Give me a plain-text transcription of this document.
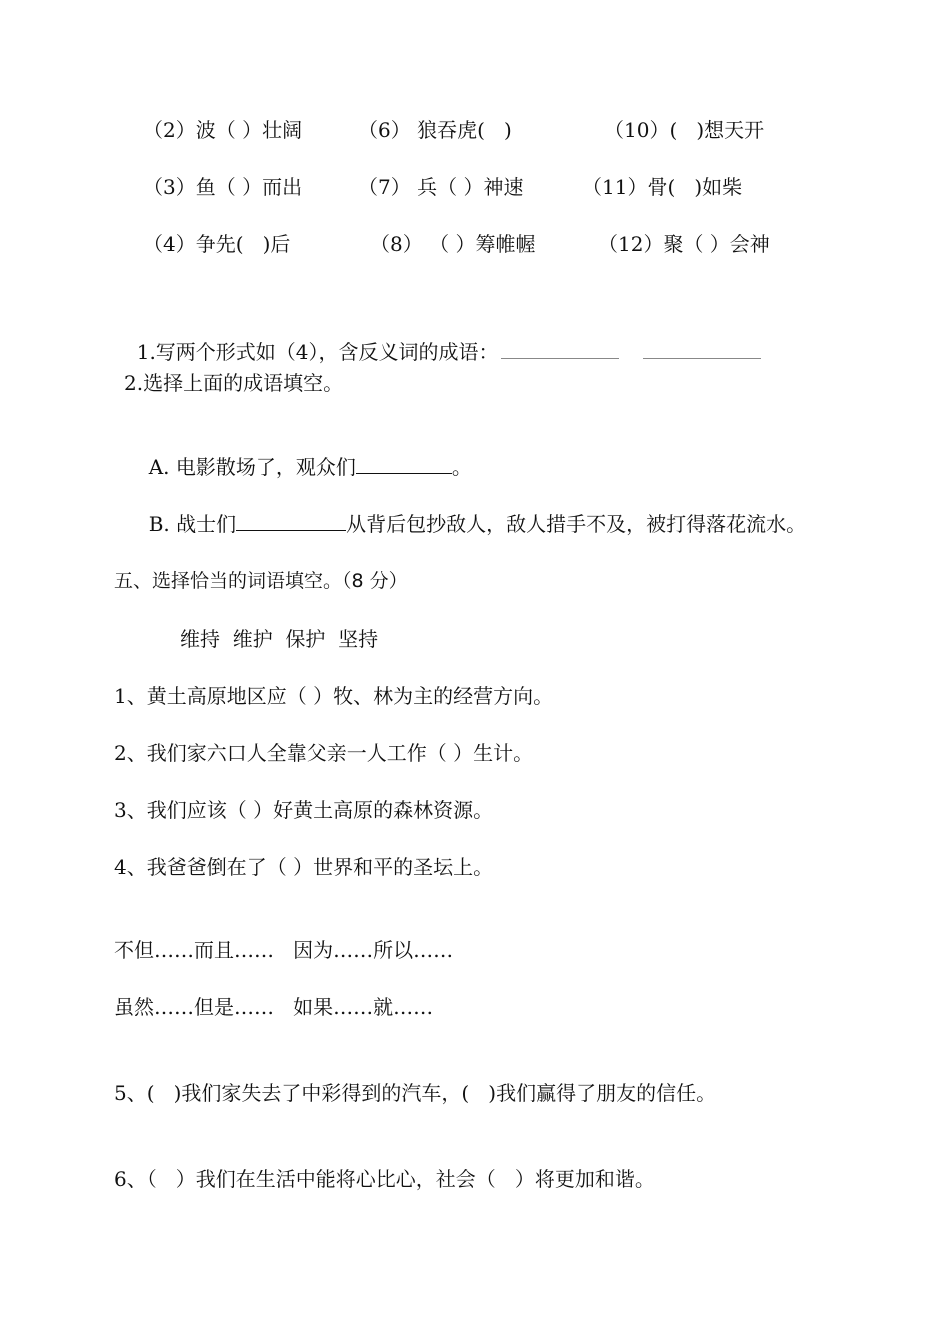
（2）波（ ）壮阔	（6） 狼吞虎(   )	（10）(   )想天开
（3）鱼（ ）而出	（7） 兵（ ）神速	（11）骨(   )如柴
（4）争先(   )后	（8） （ ）筹帷幄	（12）聚（ ）会神

1.写两个形式如（4），含反义词的成语：

2.选择上面的成语填空。

A. 电影散场了，观众们	。

B. 战士们	从背后包抄敌人，敌人措手不及，被打得落花流水。

五、选择恰当的词语填空。（8 分）
维持  维护  保护  坚持
1、黄土高原地区应（ ）牧、林为主的经营方向。
2、我们家六口人全靠父亲一人工作（ ）生计。
3、我们应该（ ）好黄土高原的森林资源。
4、我爸爸倒在了（ ）世界和平的圣坛上。
不但……而且……   因为……所以……
虽然……但是……   如果……就……
5、(   )我们家失去了中彩得到的汽车，(   )我们赢得了朋友的信任。
6、（   ）我们在生活中能将心比心，社会（   ）将更加和谐。
